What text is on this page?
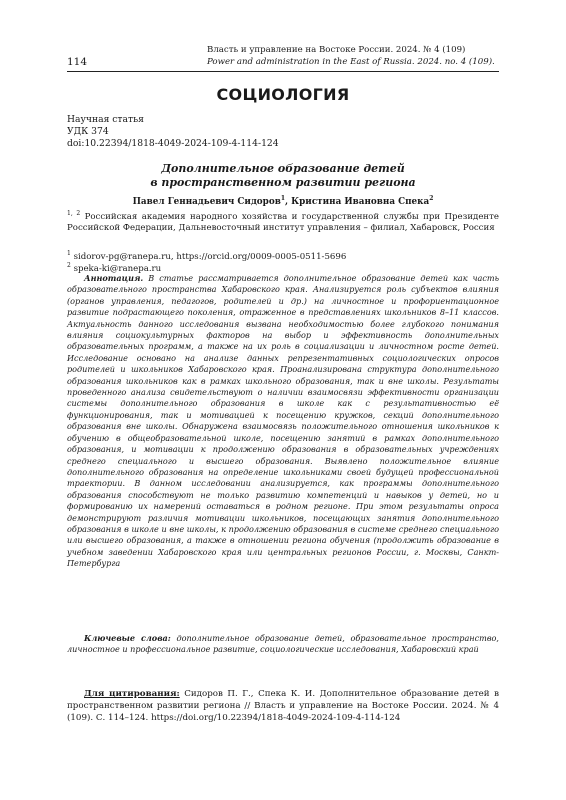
114
Власть и управление на Востоке России. 2024. № 4 (109)
Power and administration in the East of Russia. 2024. no. 4 (109).
СОЦИОЛОГИЯ
Научная статья
УДК 374
doi:10.22394/1818-4049-2024-109-4-114-124
Дополнительное образование детей
в пространственном развитии региона
Павел Геннадьевич Сидоров$^1$, Кристина Ивановна Спека$^2$
$^{1, 2}$ Российская академия народного хозяйства и государственной службы при Президенте Российской Федерации, Дальневосточный институт управления – филиал, Хабаровск, Россия
$^1$ sidorov-pg@ranepa.ru, https://orcid.org/0009-0005-0511-5696
$^2$ speka-ki@ranepa.ru
Аннотация. В статье рассматривается дополнительное образование детей как часть образовательного пространства Хабаровского края. Анализируется роль субъектов влияния (органов управления, педагогов, родителей и др.) на личностное и профориентационное развитие подрастающего поколения, отраженное в представлениях школьников 8–11 классов. Актуальность данного исследования вызвана необходимостью более глубокого понимания влияния социокультурных факторов на выбор и эффективность дополнительных образовательных программ, а также на их роль в социализации и личностном росте детей. Исследование основано на анализе данных репрезентативных социологических опросов родителей и школьников Хабаровского края. Проанализирована структура дополнительного образования школьников как в рамках школьного образования, так и вне школы. Результаты проведенного анализа свидетельствуют о наличии взаимосвязи эффективности организации системы дополнительного образования в школе как с результативностью её функционирования, так и мотивацией к посещению кружков, секций дополнительного образования вне школы. Обнаружена взаимосвязь положительного отношения школьников к обучению в общеобразовательной школе, посещению занятий в рамках дополнительного образования, и мотивации к продолжению образования в образовательных учреждениях среднего специального и высшего образования. Выявлено положительное влияние дополнительного образования на определение школьниками своей будущей профессиональной траектории. В данном исследовании анализируется, как программы дополнительного образования способствуют не только развитию компетенций и навыков у детей, но и формированию их намерений оставаться в родном регионе. При этом результаты опроса демонстрируют различия мотивации школьников, посещающих занятия дополнительного образования в школе и вне школы, к продолжению образования в системе среднего специального или высшего образования, а также в отношении региона обучения (продолжить образование в учебном заведении Хабаровского края или центральных регионов России, г. Москвы, Санкт-Петербурга
Ключевые слова: дополнительное образование детей, образовательное пространство, личностное и профессиональное развитие, социологические исследования, Хабаровский край
Для цитирования: Сидоров П. Г., Спека К. И. Дополнительное образование детей в пространственном развитии региона // Власть и управление на Востоке России. 2024. № 4 (109). С. 114–124. https://doi.org/10.22394/1818-4049-2024-109-4-114-124
